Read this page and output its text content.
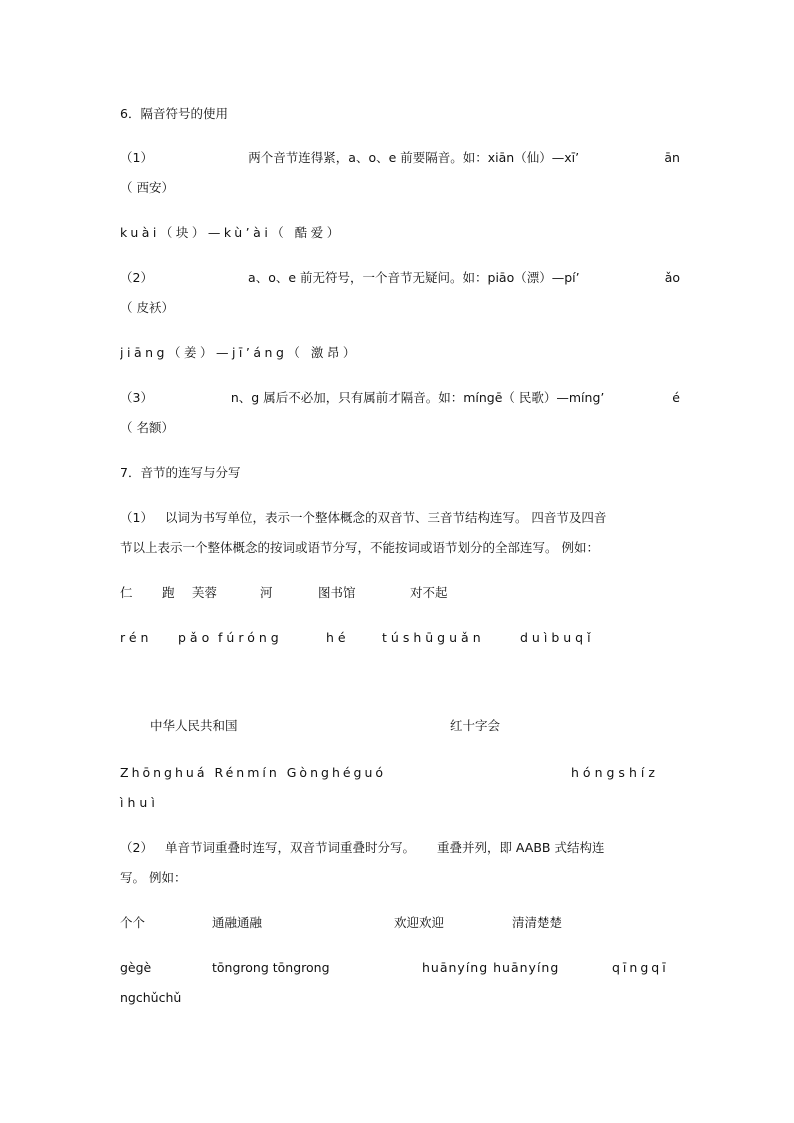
6．隔音符号的使用
（1）	两个音节连得紧，a、o、e 前要隔音。如：xiān（仙）—xī’	ān
（ 西安）
kuài（块）—kù’ài（ 酷爱）
（2）	a、o、e 前无符号，一个音节无疑问。如：piāo（漂）—pí’	ǎo
（ 皮袄）
jiāng（姜）—jī’áng（ 激昂）
（3）	n、g 属后不必加，只有属前才隔音。如：míngē（ 民歌）—míng’	é
（ 名额）
7．音节的连写与分写
（1） 以词为书写单位，表示一个整体概念的双音节、三音节结构连写。 四音节及四音
节以上表示一个整体概念的按词或语节分写，不能按词或语节划分的全部连写。 例如：
仁 跑 芙蓉	河	图书馆	对不起
rén pǎo fúróng	hé	túshūguǎn	duìbuqǐ
中华人民共和国	红十字会
Zhōnghuá Rénmín Gònghéguó	hóngshíz
ìhuì
（2） 单音节词重叠时连写，双音节词重叠时分写。 重叠并列，即 AABB 式结构连
写。 例如：
个个	通融通融	欢迎欢迎	清清楚楚
gègè	tōngrong tōngrong	huānyíng huānyíng	qīngqī
ngchǔchǔ
